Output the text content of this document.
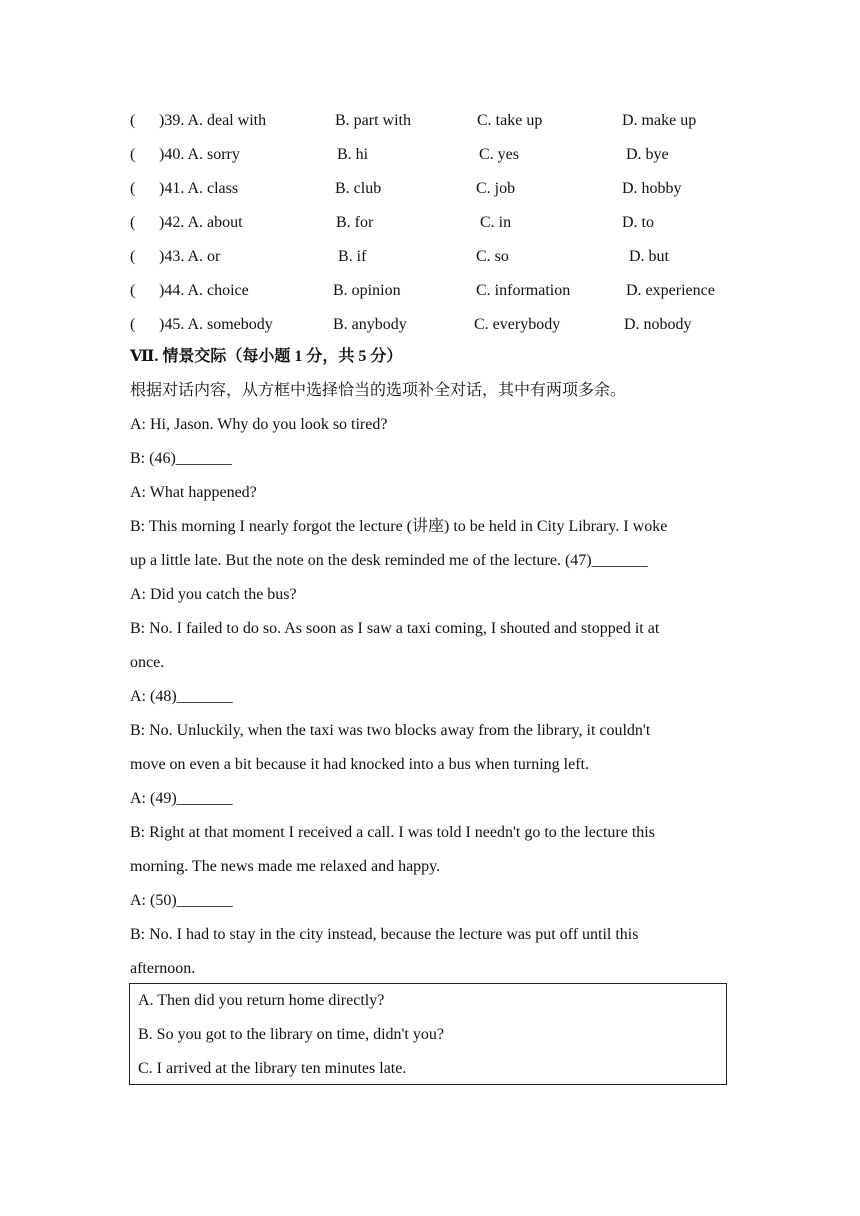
( )39. A. deal with	B. part with	C. take up	D. make up
( )40. A. sorry	B. hi	C. yes	D. bye
( )41. A. class	B. club	C. job	D. hobby
( )42. A. about	B. for	C. in	D. to
( )43. A. or	B. if	C. so	D. but
( )44. A. choice	B. opinion	C. information	D. experience
( )45. A. somebody	B. anybody	C. everybody	D. nobody
Ⅶ. 情景交际（每小题 1 分，共 5 分）
根据对话内容，从方框中选择恰当的选项补全对话，其中有两项多余。
A: Hi, Jason. Why do you look so tired?
B: (46)_______
A: What happened?
B: This morning I nearly forgot the lecture (讲座) to be held in City Library. I woke
up a little late. But the note on the desk reminded me of the lecture. (47)_______
A: Did you catch the bus?
B: No. I failed to do so. As soon as I saw a taxi coming, I shouted and stopped it at
once.
A: (48)_______
B: No. Unluckily, when the taxi was two blocks away from the library, it couldn't
move on even a bit because it had knocked into a bus when turning left.
A: (49)_______
B: Right at that moment I received a call. I was told I needn't go to the lecture this
morning. The news made me relaxed and happy.
A: (50)_______
B: No. I had to stay in the city instead, because the lecture was put off until this
afternoon.
A. Then did you return home directly?
B. So you got to the library on time, didn't you?
C. I arrived at the library ten minutes late.
